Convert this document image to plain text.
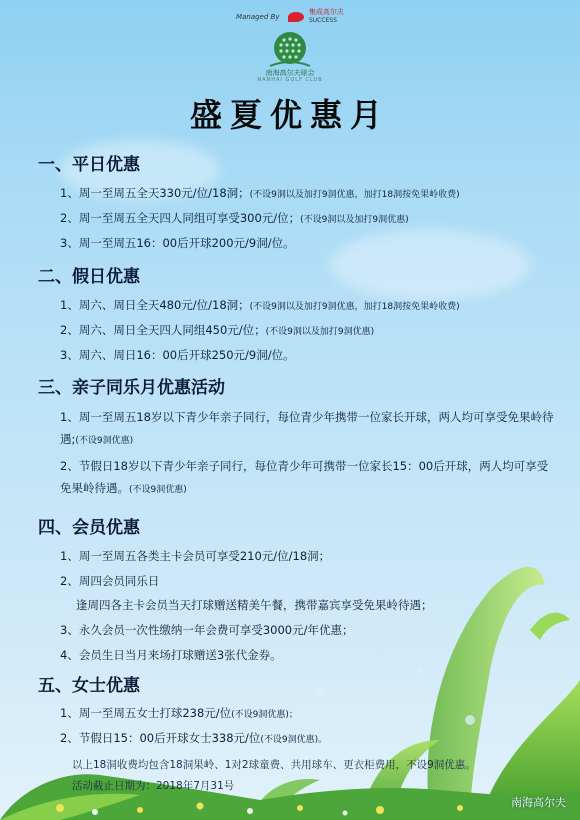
Managed By  集成高尔夫
SUCCESS
南海高尔夫球会
NANHAI GOLF CLUB
盛夏优惠月
一、平日优惠
1、周一至周五全天330元/位/18洞；(不设9洞以及加打9洞优惠，加打18洞按免果岭收费)
2、周一至周五全天四人同组可享受300元/位；(不设9洞以及加打9洞优惠)
3、周一至周五16：00后开球200元/9洞/位。
二、假日优惠
1、周六、周日全天480元/位/18洞；(不设9洞以及加打9洞优惠，加打18洞按免果岭收费)
2、周六、周日全天四人同组450元/位；(不设9洞以及加打9洞优惠)
3、周六、周日16：00后开球250元/9洞/位。
三、亲子同乐月优惠活动
1、周一至周五18岁以下青少年亲子同行，每位青少年携带一位家长开球，两人均可享受免果岭待遇;(不设9洞优惠)
2、节假日18岁以下青少年亲子同行，每位青少年可携带一位家长15：00后开球，两人均可享受免果岭待遇。(不设9洞优惠)
四、会员优惠
1、周一至周五各类主卡会员可享受210元/位/18洞；
2、周四会员同乐日
逢周四各主卡会员当天打球赠送精美午餐，携带嘉宾享受免果岭待遇；
3、永久会员一次性缴纳一年会费可享受3000元/年优惠；
4、会员生日当月来场打球赠送3张代金券。
五、女士优惠
1、周一至周五女士打球238元/位(不设9洞优惠)；
2、节假日15：00后开球女士338元/位(不设9洞优惠)。
以上18洞收费均包含18洞果岭、1对2球童费、共用球车、更衣柜费用，不设9洞优惠。
活动截止日期为：2018年7月31号
南海高尔夫
